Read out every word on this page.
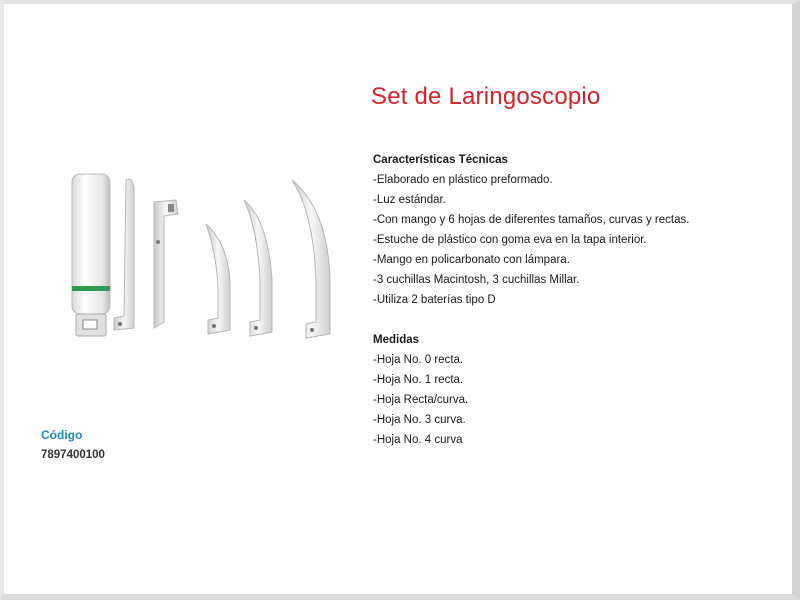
Set de Laringoscopio
Características Técnicas
-Elaborado en plástico preformado.
-Luz estándar.
-Con mango y 6 hojas de diferentes tamaños, curvas y rectas.
-Estuche de plástico con goma eva en la tapa interior.
-Mango en policarbonato con lámpara.
-3 cuchillas Macintosh, 3 cuchillas Millar.
-Utiliza 2 baterías tipo D
Medidas
-Hoja No. 0 recta.
-Hoja No. 1 recta.
-Hoja Recta/curva.
-Hoja No. 3 curva.
-Hoja No. 4 curva
Código
7897400100
